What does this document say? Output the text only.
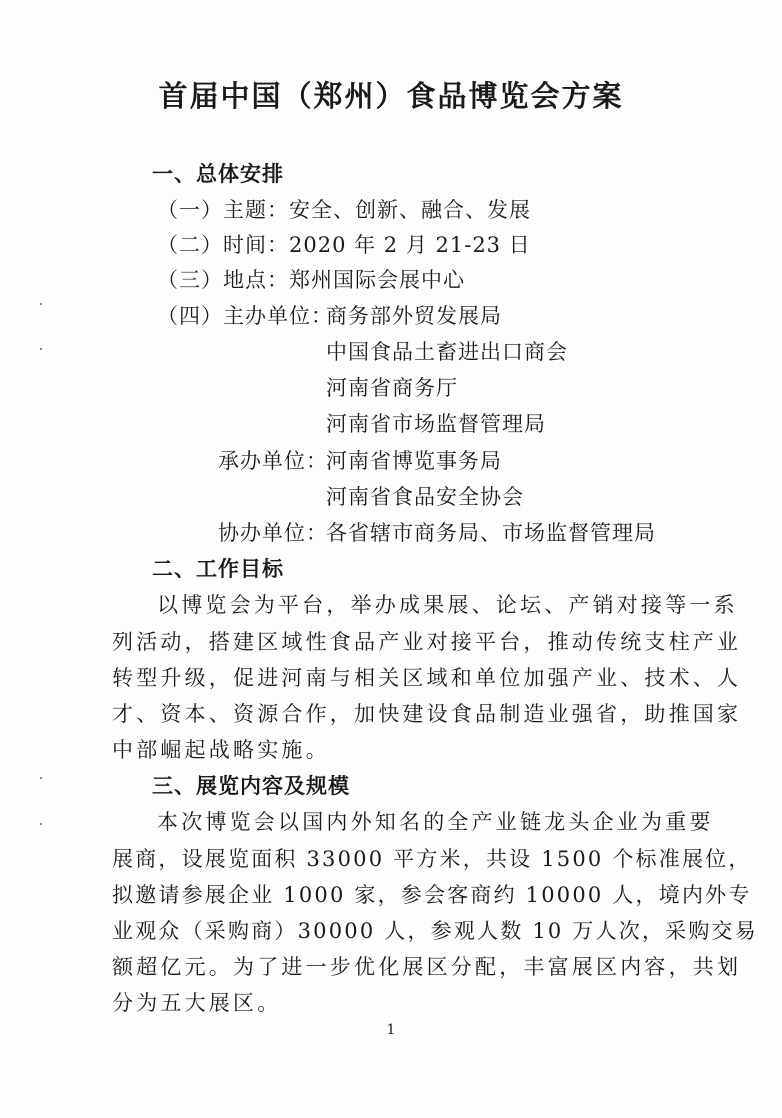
首届中国（郑州）食品博览会方案
一、总体安排
（一）主题：安全、创新、融合、发展
（二）时间：2020 年 2 月 21-23 日
（三）地点：郑州国际会展中心
（四）主办单位：
商务部外贸发展局
中国食品土畜进出口商会
河南省商务厅
河南省市场监督管理局
承办单位：
河南省博览事务局
河南省食品安全协会
协办单位：
各省辖市商务局、市场监督管理局
二、工作目标
以博览会为平台，举办成果展、论坛、产销对接等一系
列活动，搭建区域性食品产业对接平台，推动传统支柱产业
转型升级，促进河南与相关区域和单位加强产业、技术、人
才、资本、资源合作，加快建设食品制造业强省，助推国家
中部崛起战略实施。
三、展览内容及规模
本次博览会以国内外知名的全产业链龙头企业为重要
展商，设展览面积 33000 平方米，共设 1500 个标准展位，
拟邀请参展企业 1000 家，参会客商约 10000 人，境内外专
业观众（采购商）30000 人，参观人数 10 万人次，采购交易
额超亿元。为了进一步优化展区分配，丰富展区内容，共划
分为五大展区。
1
